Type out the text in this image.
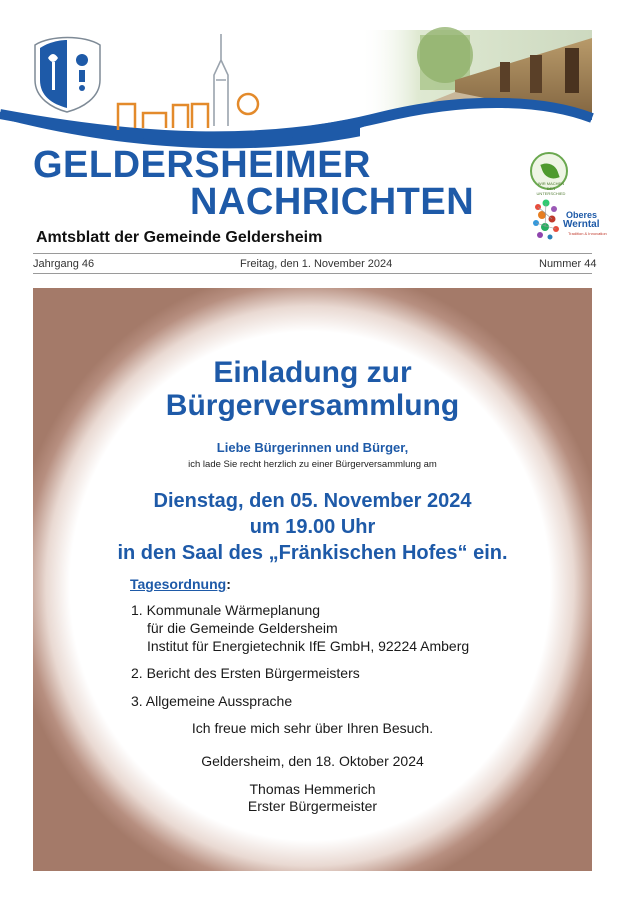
GELDERSHEIMER
NACHRICHTEN
Amtsblatt der Gemeinde Geldersheim
WIR MACHEN DEN UNTERSCHIED
Oberes
Werntal
Tradition & Innovation
Jahrgang 46	Freitag, den 1. November 2024	Nummer 44
Einladung zur
Bürgerversammlung
Liebe Bürgerinnen und Bürger,
ich lade Sie recht herzlich zu einer Bürgerversammlung am
Dienstag, den 05. November 2024
um 19.00 Uhr
in den Saal des „Fränkischen Hofes“ ein.
Tagesordnung:
1. Kommunale Wärmeplanung
für die Gemeinde Geldersheim
Institut für Energietechnik IfE GmbH, 92224 Amberg
2. Bericht des Ersten Bürgermeisters
3. Allgemeine Aussprache
Ich freue mich sehr über Ihren Besuch.
Geldersheim, den 18. Oktober 2024
Thomas Hemmerich
Erster Bürgermeister
